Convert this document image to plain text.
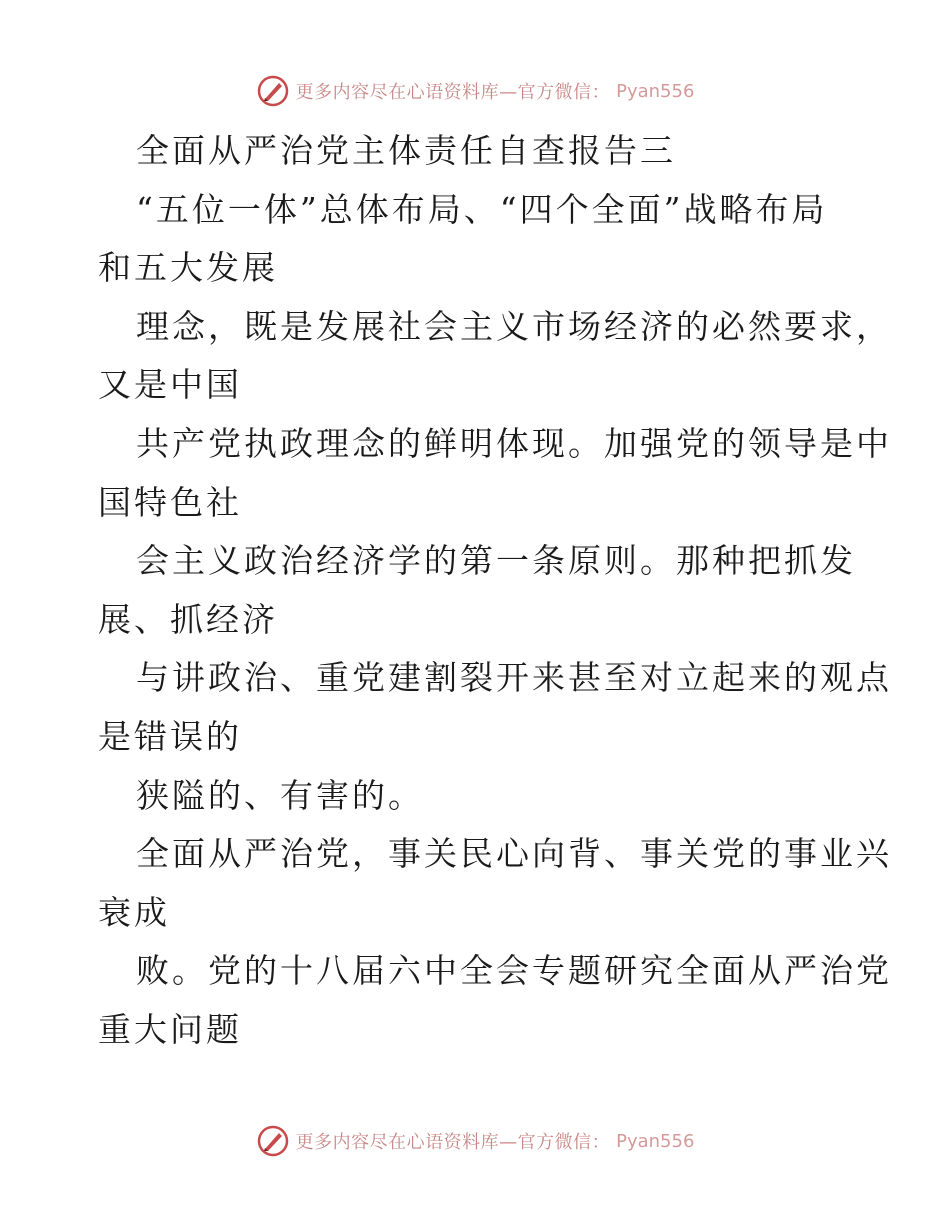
更多内容尽在心语资料库—官方微信： Pyan556
全面从严治党主体责任自查报告三
“五位一体”总体布局、“四个全面”战略布局
和五大发展
理念，既是发展社会主义市场经济的必然要求，
又是中国
共产党执政理念的鲜明体现。加强党的领导是中
国特色社
会主义政治经济学的第一条原则。那种把抓发
展、抓经济
与讲政治、重党建割裂开来甚至对立起来的观点
是错误的
狭隘的、有害的。
全面从严治党，事关民心向背、事关党的事业兴
衰成
败。党的十八届六中全会专题研究全面从严治党
重大问题
更多内容尽在心语资料库—官方微信： Pyan556
